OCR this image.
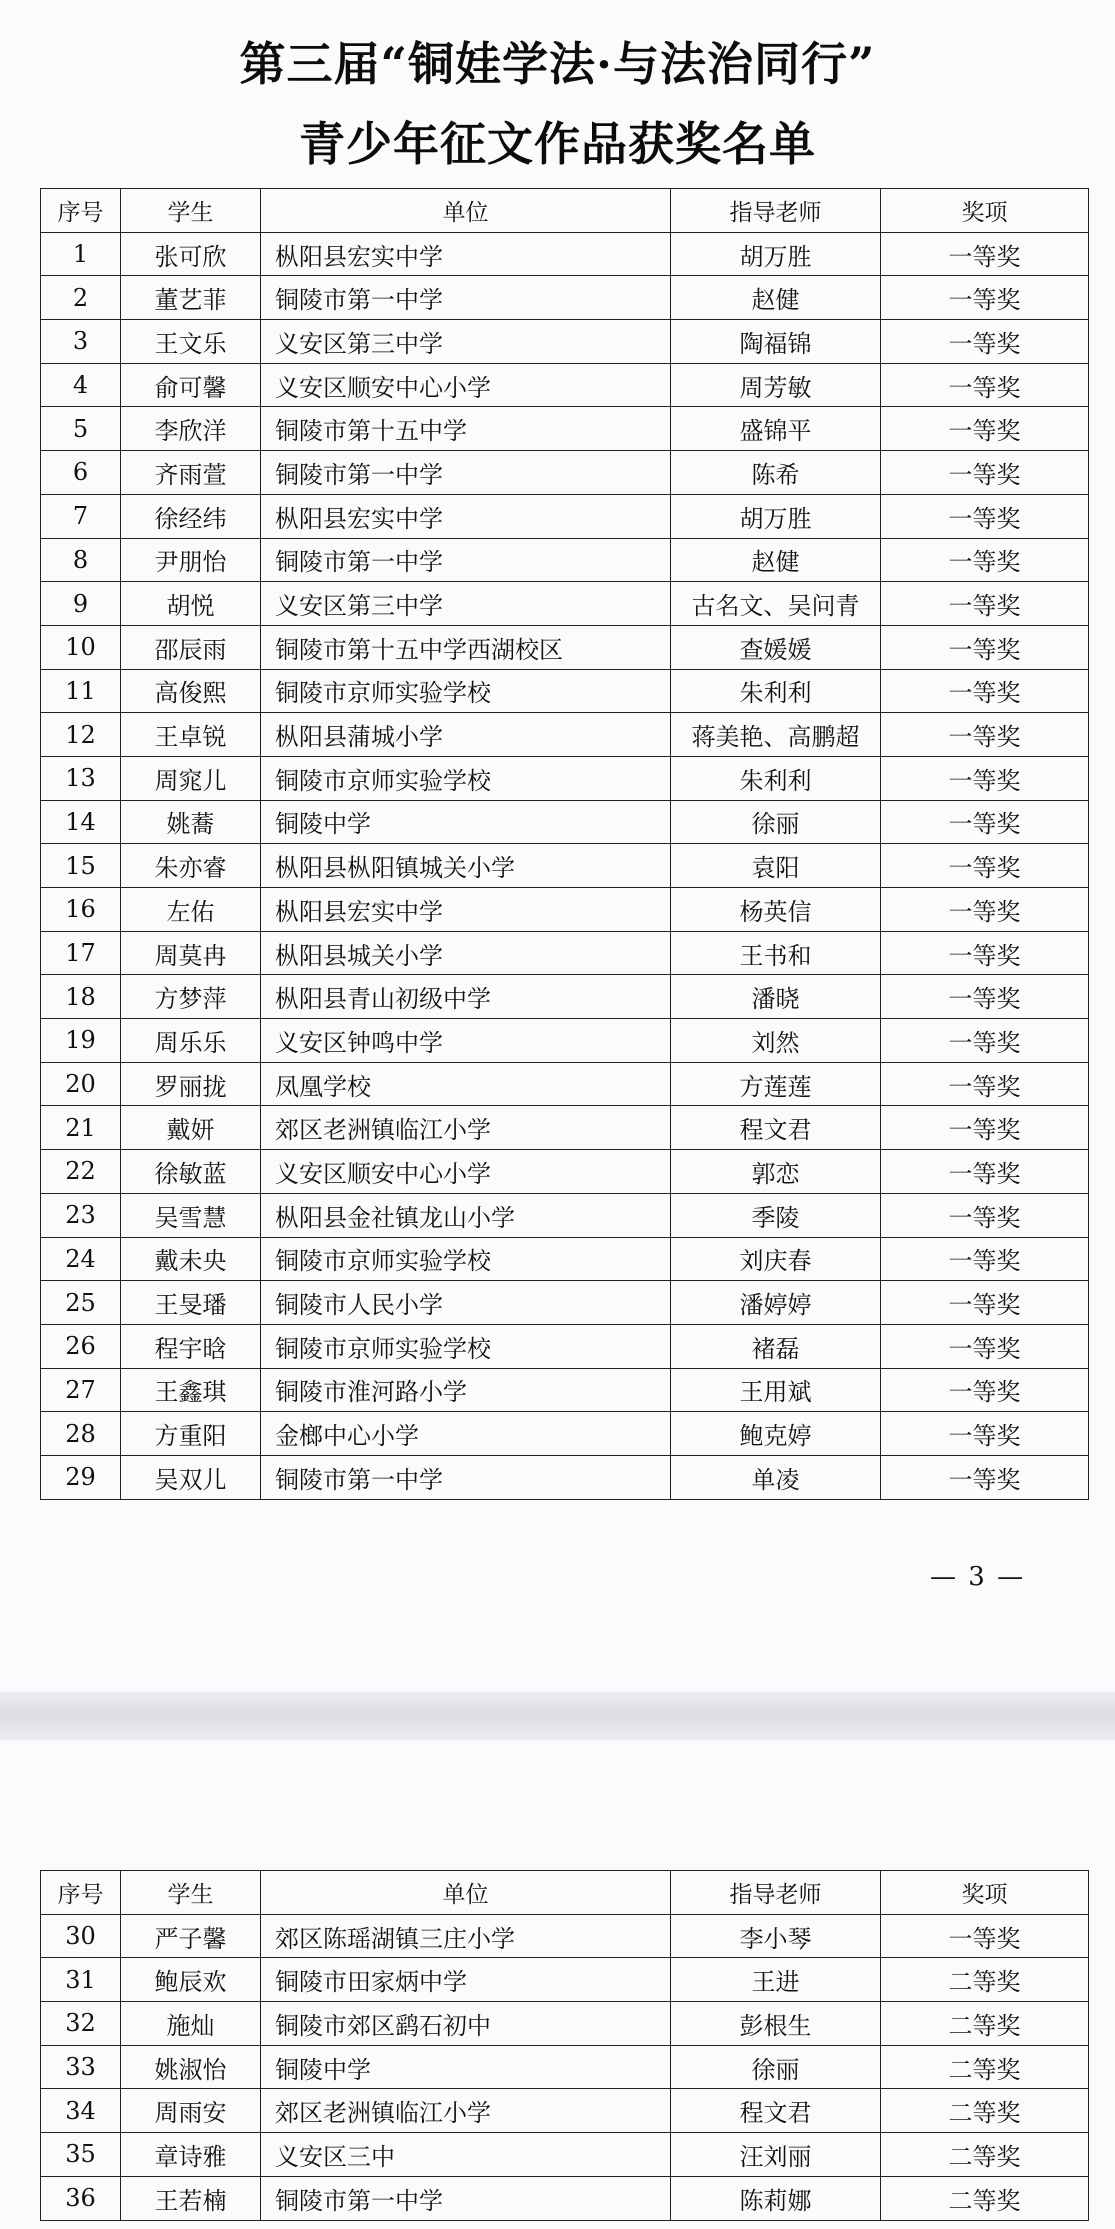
第三届“铜娃学法·与法治同行”
青少年征文作品获奖名单
序号	学生	单位	指导老师	奖项
1	张可欣	枞阳县宏实中学	胡万胜	一等奖
2	董艺菲	铜陵市第一中学	赵健	一等奖
3	王文乐	义安区第三中学	陶福锦	一等奖
4	俞可馨	义安区顺安中心小学	周芳敏	一等奖
5	李欣洋	铜陵市第十五中学	盛锦平	一等奖
6	齐雨萱	铜陵市第一中学	陈希	一等奖
7	徐经纬	枞阳县宏实中学	胡万胜	一等奖
8	尹朋怡	铜陵市第一中学	赵健	一等奖
9	胡悦	义安区第三中学	古名文、吴问青	一等奖
10	邵辰雨	铜陵市第十五中学西湖校区	查媛媛	一等奖
11	高俊熙	铜陵市京师实验学校	朱利利	一等奖
12	王卓锐	枞阳县蒲城小学	蒋美艳、高鹏超	一等奖
13	周窕儿	铜陵市京师实验学校	朱利利	一等奖
14	姚蕎	铜陵中学	徐丽	一等奖
15	朱亦睿	枞阳县枞阳镇城关小学	袁阳	一等奖
16	左佑	枞阳县宏实中学	杨英信	一等奖
17	周莫冉	枞阳县城关小学	王书和	一等奖
18	方梦萍	枞阳县青山初级中学	潘晓	一等奖
19	周乐乐	义安区钟鸣中学	刘然	一等奖
20	罗丽拢	凤凰学校	方莲莲	一等奖
21	戴妍	郊区老洲镇临江小学	程文君	一等奖
22	徐敏蓝	义安区顺安中心小学	郭恋	一等奖
23	吴雪慧	枞阳县金社镇龙山小学	季陵	一等奖
24	戴未央	铜陵市京师实验学校	刘庆春	一等奖
25	王旻璠	铜陵市人民小学	潘婷婷	一等奖
26	程宇晗	铜陵市京师实验学校	褚磊	一等奖
27	王鑫琪	铜陵市淮河路小学	王用斌	一等奖
28	方重阳	金榔中心小学	鲍克婷	一等奖
29	吴双儿	铜陵市第一中学	单凌	一等奖
— 3 —
序号	学生	单位	指导老师	奖项
30	严子馨	郊区陈瑶湖镇三庄小学	李小琴	一等奖
31	鲍辰欢	铜陵市田家炳中学	王进	二等奖
32	施灿	铜陵市郊区鹞石初中	彭根生	二等奖
33	姚淑怡	铜陵中学	徐丽	二等奖
34	周雨安	郊区老洲镇临江小学	程文君	二等奖
35	章诗雅	义安区三中	汪刘丽	二等奖
36	王若楠	铜陵市第一中学	陈莉娜	二等奖
